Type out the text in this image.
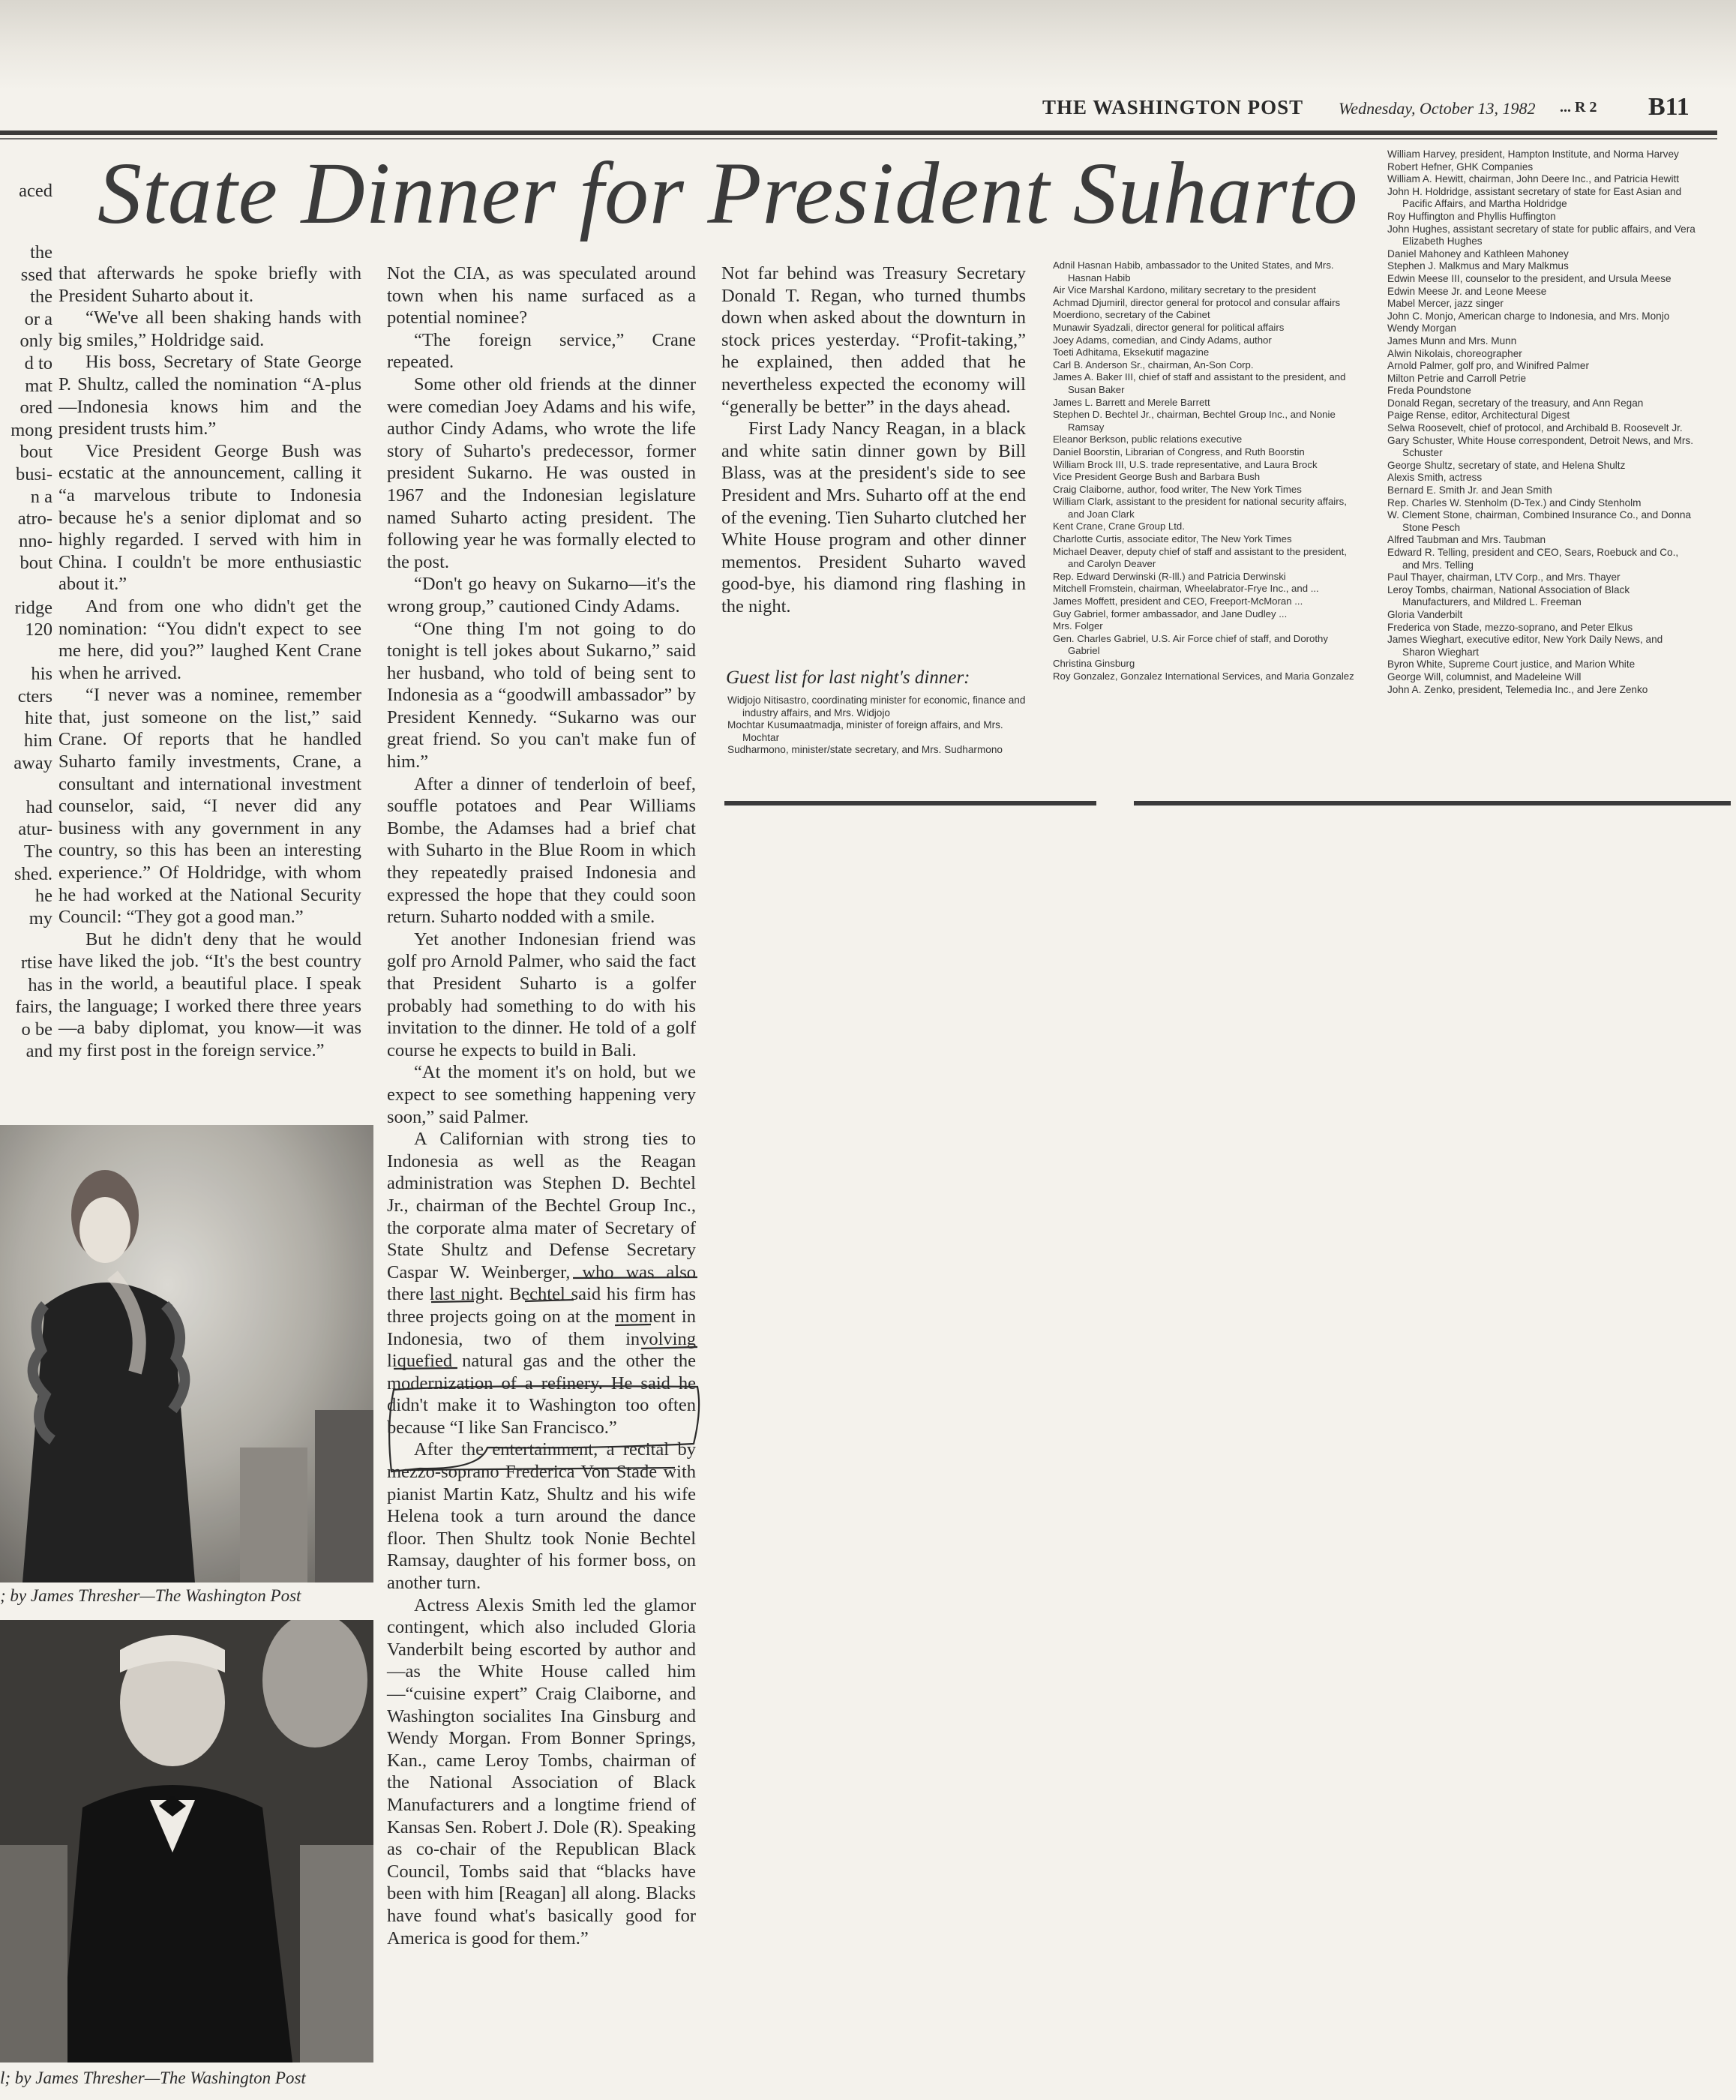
THE WASHINGTON POST Wednesday, October 13, 1982 ... R 2 B11
State Dinner for President Suharto
aced
the
ssed
the
or a
only
d to
mat
ored
mong
bout
busi-
n a
atro-
nno-
bout

ridge
120

his
cters
hite
him
away

had
atur-
The
shed.
he
my

rtise
has
fairs,
o be
and

that afterwards he spoke briefly with President Suharto about it.

“We've all been shaking hands with big smiles,” Holdridge said.

His boss, Secretary of State George P. Shultz, called the nomination “A-plus—Indonesia knows him and the president trusts him.”

Vice President George Bush was ecstatic at the announcement, calling it “a marvelous tribute to Indonesia because he's a senior diplomat and so highly regarded. I served with him in China. I couldn't be more enthusiastic about it.”

And from one who didn't get the nomination: “You didn't expect to see me here, did you?” laughed Kent Crane when he arrived.

“I never was a nominee, remember that, just someone on the list,” said Crane. Of reports that he handled Suharto family investments, Crane, a consultant and international investment counselor, said, “I never did any business with any government in any country, so this has been an interesting experience.” Of Holdridge, with whom he had worked at the National Security Council: “They got a good man.”

But he didn't deny that he would have liked the job. “It's the best country in the world, a beautiful place. I speak the language; I worked there three years—a baby diplomat, you know—it was my first post in the foreign service.”

; by James Thresher—The Washington Post
l; by James Thresher—The Washington Post

Not the CIA, as was speculated around town when his name surfaced as a potential nominee?

“The foreign service,” Crane repeated.

Some other old friends at the dinner were comedian Joey Adams and his wife, author Cindy Adams, who wrote the life story of Suharto's predecessor, former president Sukarno. He was ousted in 1967 and the Indonesian legislature named Suharto acting president. The following year he was formally elected to the post.

“Don't go heavy on Sukarno—it's the wrong group,” cautioned Cindy Adams.

“One thing I'm not going to do tonight is tell jokes about Sukarno,” said her husband, who told of being sent to Indonesia as a “goodwill ambassador” by President Kennedy. “Sukarno was our great friend. So you can't make fun of him.”

After a dinner of tenderloin of beef, souffle potatoes and Pear Williams Bombe, the Adamses had a brief chat with Suharto in the Blue Room in which they repeatedly praised Indonesia and expressed the hope that they could soon return. Suharto nodded with a smile.

Yet another Indonesian friend was golf pro Arnold Palmer, who said the fact that President Suharto is a golfer probably had something to do with his invitation to the dinner. He told of a golf course he expects to build in Bali.

“At the moment it's on hold, but we expect to see something happening very soon,” said Palmer.

A Californian with strong ties to Indonesia as well as the Reagan administration was Stephen D. Bechtel Jr., chairman of the Bechtel Group Inc., the corporate alma mater of Secretary of State Shultz and Defense Secretary Caspar W. Weinberger, who was also there last night. Bechtel said his firm has three projects going on at the moment in Indonesia, two of them involving liquefied natural gas and the other the modernization of a refinery. He said he didn't make it to Washington too often because “I like San Francisco.”

After the entertainment, a recital by mezzo-soprano Frederica Von Stade with pianist Martin Katz, Shultz and his wife Helena took a turn around the dance floor. Then Shultz took Nonie Bechtel Ramsay, daughter of his former boss, on another turn.

Actress Alexis Smith led the glamor contingent, which also included Gloria Vanderbilt being escorted by author and—as the White House called him—“cuisine expert” Craig Claiborne, and Washington socialites Ina Ginsburg and Wendy Morgan. From Bonner Springs, Kan., came Leroy Tombs, chairman of the National Association of Black Manufacturers and a longtime friend of Kansas Sen. Robert J. Dole (R). Speaking as co-chair of the Republican Black Council, Tombs said that “blacks have been with him [Reagan] all along. Blacks have found what's basically good for America is good for them.”

Not far behind was Treasury Secretary Donald T. Regan, who turned thumbs down when asked about the downturn in stock prices yesterday. “Profit-taking,” he explained, then added that he nevertheless expected the economy will “generally be better” in the days ahead.

First Lady Nancy Reagan, in a black and white satin dinner gown by Bill Blass, was at the president's side to see President and Mrs. Suharto off at the end of the evening. Tien Suharto clutched her White House program and other dinner mementos. President Suharto waved good-bye, his diamond ring flashing in the night.

Guest list for last night's dinner:
Widjojo Nitisastro, coordinating minister for economic, finance and industry affairs, and Mrs. Widjojo
Mochtar Kusumaatmadja, minister of foreign affairs, and Mrs. Mochtar
Sudharmono, minister/state secretary, and Mrs. Sudharmono
Adnil Hasnan Habib, ambassador to the United States, and Mrs. Hasnan Habib
Air Vice Marshal Kardono, military secretary to the president
Achmad Djumiril, director general for protocol and consular affairs
Moerdiono, secretary of the Cabinet
Munawir Syadzali, director general for political affairs
Joey Adams, comedian, and Cindy Adams, author
Toeti Adhitama, Eksekutif magazine
Carl B. Anderson Sr., chairman, An-Son Corp.
James A. Baker III, chief of staff and assistant to the president, and Susan Baker
James L. Barrett and Merele Barrett
Stephen D. Bechtel Jr., chairman, Bechtel Group Inc., and Nonie Ramsay
Eleanor Berkson, public relations executive
Daniel Boorstin, Librarian of Congress, and Ruth Boorstin
William Brock III, U.S. trade representative, and Laura Brock
Vice President George Bush and Barbara Bush
Craig Claiborne, author, food writer, The New York Times
William Clark, assistant to the president for national security affairs, and Joan Clark
Kent Crane, Crane Group Ltd.
Charlotte Curtis, associate editor, The New York Times
Michael Deaver, deputy chief of staff and assistant to the president, and Carolyn Deaver
Rep. Edward Derwinski (R-Ill.) and Patricia Derwinski
Mitchell Fromstein, chairman, Wheelabrator-Frye Inc., and ...
James Moffett, president and CEO, Freeport-McMoran ...
Guy Gabriel, former ambassador, and Jane Dudley ...
Mrs. Folger
Gen. Charles Gabriel, U.S. Air Force chief of staff, and Dorothy Gabriel
Christina Ginsburg
Roy Gonzalez, Gonzalez International Services, and Maria Gonzalez
William Harvey, president, Hampton Institute, and Norma Harvey
Robert Hefner, GHK Companies
William A. Hewitt, chairman, John Deere Inc., and Patricia Hewitt
John H. Holdridge, assistant secretary of state for East Asian and Pacific Affairs, and Martha Holdridge
Roy Huffington and Phyllis Huffington
John Hughes, assistant secretary of state for public affairs, and Vera Elizabeth Hughes
Daniel Mahoney and Kathleen Mahoney
Stephen J. Malkmus and Mary Malkmus
Edwin Meese III, counselor to the president, and Ursula Meese
Edwin Meese Jr. and Leone Meese
Mabel Mercer, jazz singer
John C. Monjo, American charge to Indonesia, and Mrs. Monjo
Wendy Morgan
James Munn and Mrs. Munn
Alwin Nikolais, choreographer
Arnold Palmer, golf pro, and Winifred Palmer
Milton Petrie and Carroll Petrie
Freda Poundstone
Donald Regan, secretary of the treasury, and Ann Regan
Paige Rense, editor, Architectural Digest
Selwa Roosevelt, chief of protocol, and Archibald B. Roosevelt Jr.
Gary Schuster, White House correspondent, Detroit News, and Mrs. Schuster
George Shultz, secretary of state, and Helena Shultz
Alexis Smith, actress
Bernard E. Smith Jr. and Jean Smith
Rep. Charles W. Stenholm (D-Tex.) and Cindy Stenholm
W. Clement Stone, chairman, Combined Insurance Co., and Donna Stone Pesch
Alfred Taubman and Mrs. Taubman
Edward R. Telling, president and CEO, Sears, Roebuck and Co., and Mrs. Telling
Paul Thayer, chairman, LTV Corp., and Mrs. Thayer
Leroy Tombs, chairman, National Association of Black Manufacturers, and Mildred L. Freeman
Gloria Vanderbilt
Frederica von Stade, mezzo-soprano, and Peter Elkus
James Wieghart, executive editor, New York Daily News, and Sharon Wieghart
Byron White, Supreme Court justice, and Marion White
George Will, columnist, and Madeleine Will
John A. Zenko, president, Telemedia Inc., and Jere Zenko
